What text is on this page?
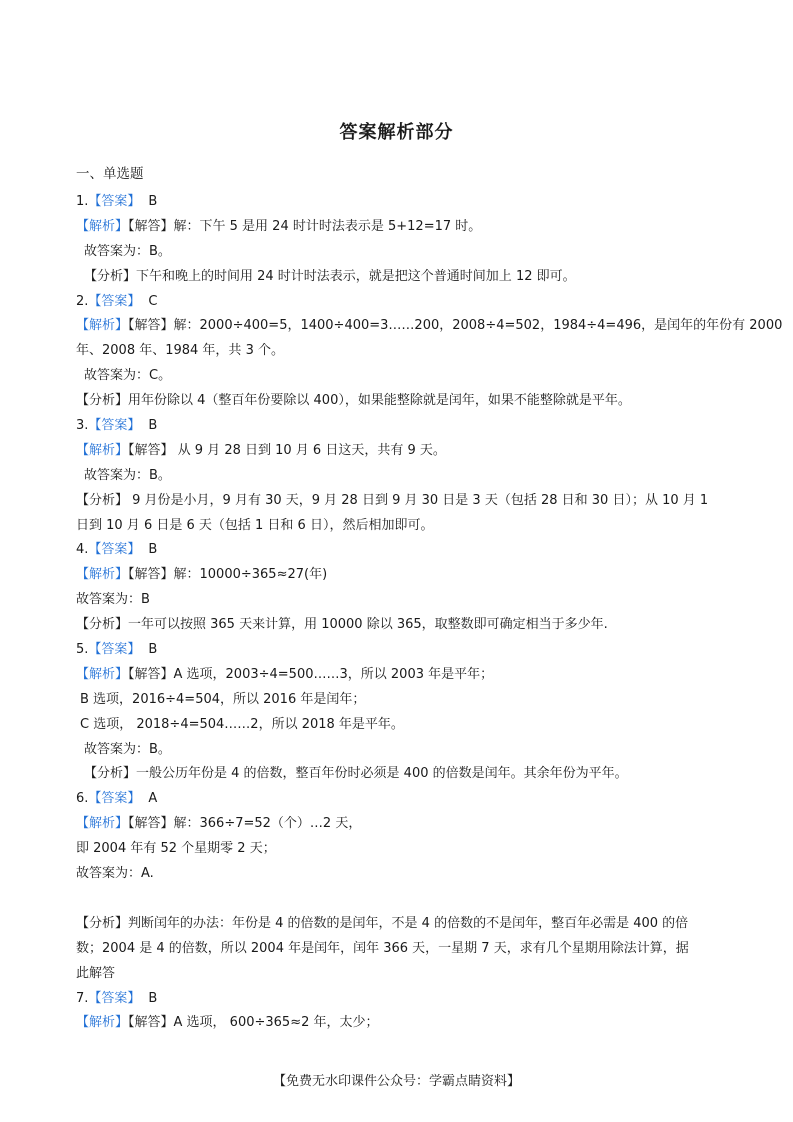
答案解析部分
一、单选题
1.【答案】 B
【解析】【解答】解：下午 5 是用 24 时计时法表示是 5+12=17 时。
故答案为：B。
【分析】下午和晚上的时间用 24 时计时法表示，就是把这个普通时间加上 12 即可。
2.【答案】 C
【解析】【解答】解：2000÷400=5，1400÷400=3……200，2008÷4=502，1984÷4=496，是闰年的年份有 2000
年、2008 年、1984 年，共 3 个。
故答案为：C。
【分析】用年份除以 4（整百年份要除以 400），如果能整除就是闰年，如果不能整除就是平年。
3.【答案】 B
【解析】【解答】 从 9 月 28 日到 10 月 6 日这天，共有 9 天。
故答案为：B。
【分析】 9 月份是小月，9 月有 30 天，9 月 28 日到 9 月 30 日是 3 天（包括 28 日和 30 日）；从 10 月 1
日到 10 月 6 日是 6 天（包括 1 日和 6 日），然后相加即可。
4.【答案】 B
【解析】【解答】解：10000÷365≈27(年)
故答案为：B
【分析】一年可以按照 365 天来计算，用 10000 除以 365，取整数即可确定相当于多少年.
5.【答案】 B
【解析】【解答】A 选项，2003÷4=500……3，所以 2003 年是平年；
B 选项，2016÷4=504，所以 2016 年是闰年；
C 选项， 2018÷4=504……2，所以 2018 年是平年。
故答案为：B。
【分析】一般公历年份是 4 的倍数，整百年份时必须是 400 的倍数是闰年。其余年份为平年。
6.【答案】 A
【解析】【解答】解：366÷7=52（个）…2 天，
即 2004 年有 52 个星期零 2 天；
故答案为：A.
【分析】判断闰年的办法：年份是 4 的倍数的是闰年，不是 4 的倍数的不是闰年，整百年必需是 400 的倍
数；2004 是 4 的倍数，所以 2004 年是闰年，闰年 366 天，一星期 7 天，求有几个星期用除法计算，据
此解答
7.【答案】 B
【解析】【解答】A 选项， 600÷365≈2 年，太少；
【免费无水印课件公众号：学霸点睛资料】
